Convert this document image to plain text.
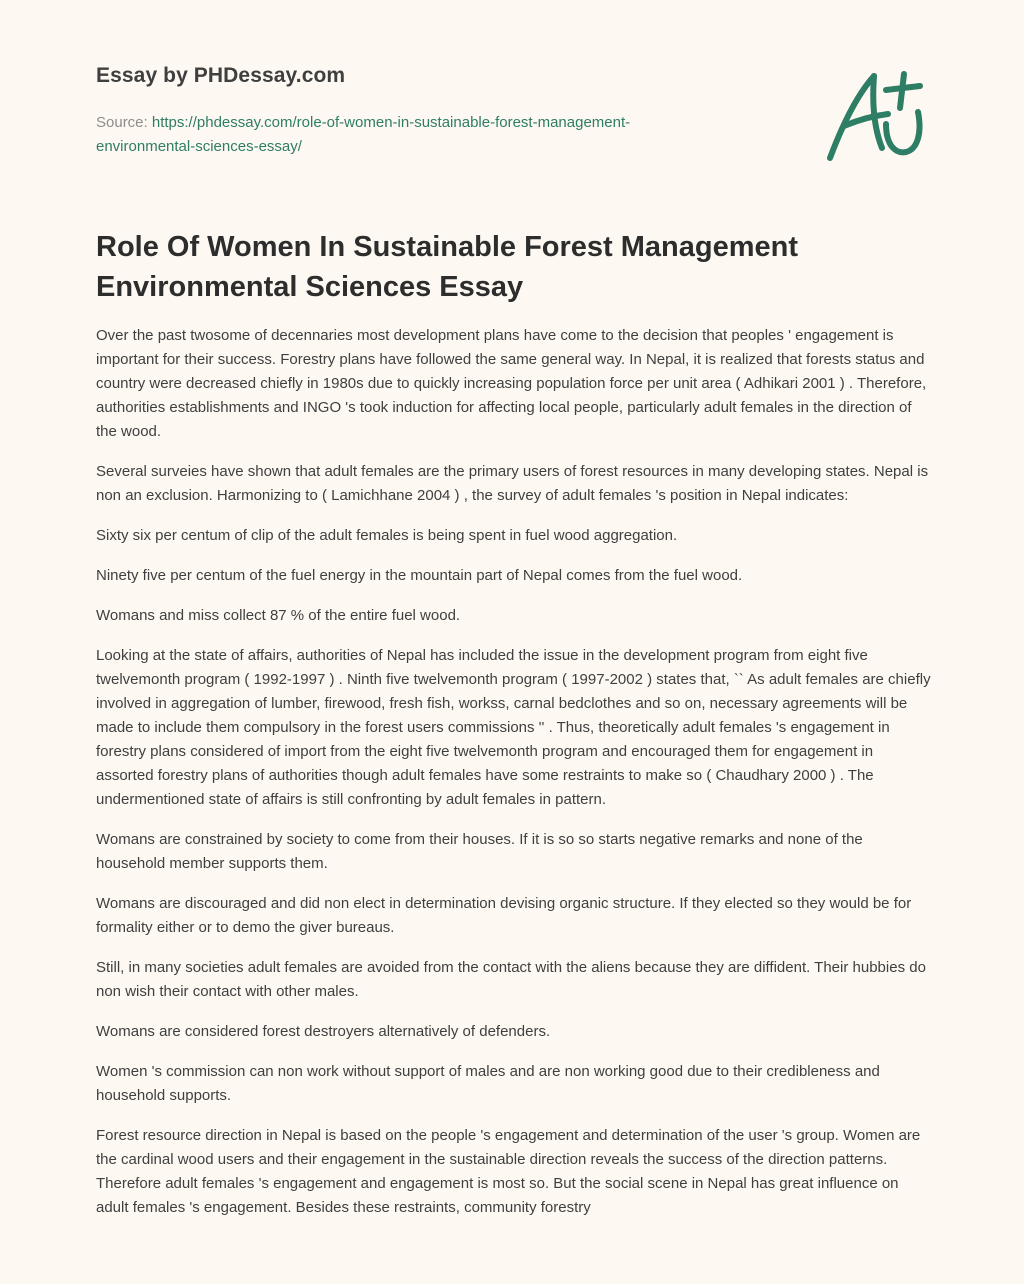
Essay by PHDessay.com
Source: https://phdessay.com/role-of-women-in-sustainable-forest-management-
environmental-sciences-essay/
Role Of Women In Sustainable Forest Management
Environmental Sciences Essay

Over the past twosome of decennaries most development plans have come to the decision that peoples ' engagement is important for their success. Forestry plans have followed the same general way. In Nepal, it is realized that forests status and country were decreased chiefly in 1980s due to quickly increasing population force per unit area ( Adhikari 2001 ) . Therefore, authorities establishments and INGO 's took induction for affecting local people, particularly adult females in the direction of the wood.

Several surveies have shown that adult females are the primary users of forest resources in many developing states. Nepal is non an exclusion. Harmonizing to ( Lamichhane 2004 ) , the survey of adult females 's position in Nepal indicates:

Sixty six per centum of clip of the adult females is being spent in fuel wood aggregation.

Ninety five per centum of the fuel energy in the mountain part of Nepal comes from the fuel wood.

Womans and miss collect 87 % of the entire fuel wood.

Looking at the state of affairs, authorities of Nepal has included the issue in the development program from eight five twelvemonth program ( 1992-1997 ) . Ninth five twelvemonth program ( 1997-2002 ) states that, `` As adult females are chiefly involved in aggregation of lumber, firewood, fresh fish, workss, carnal bedclothes and so on, necessary agreements will be made to include them compulsory in the forest users commissions '' . Thus, theoretically adult females 's engagement in forestry plans considered of import from the eight five twelvemonth program and encouraged them for engagement in assorted forestry plans of authorities though adult females have some restraints to make so ( Chaudhary 2000 ) . The undermentioned state of affairs is still confronting by adult females in pattern.

Womans are constrained by society to come from their houses. If it is so so starts negative remarks and none of the household member supports them.

Womans are discouraged and did non elect in determination devising organic structure. If they elected so they would be for formality either or to demo the giver bureaus.

Still, in many societies adult females are avoided from the contact with the aliens because they are diffident. Their hubbies do non wish their contact with other males.

Womans are considered forest destroyers alternatively of defenders.

Women 's commission can non work without support of males and are non working good due to their credibleness and household supports.

Forest resource direction in Nepal is based on the people 's engagement and determination of the user 's group. Women are the cardinal wood users and their engagement in the sustainable direction reveals the success of the direction patterns. Therefore adult females 's engagement and engagement is most so. But the social scene in Nepal has great influence on adult females 's engagement. Besides these restraints, community forestry
